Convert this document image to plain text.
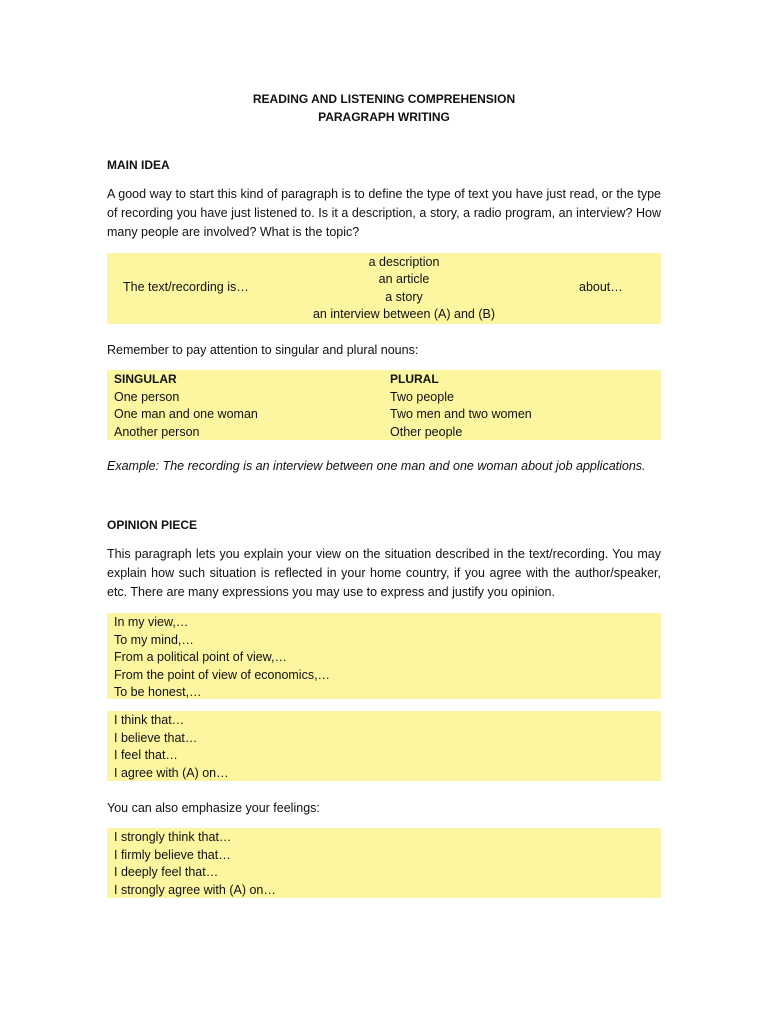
READING AND LISTENING COMPREHENSION
PARAGRAPH WRITING
MAIN IDEA
A good way to start this kind of paragraph is to define the type of text you have just read, or the type of recording you have just listened to. Is it a description, a story, a radio program, an interview? How many people are involved? What is the topic?
The text/recording is…
a description
an article
a story
an interview between (A) and (B)
about…
Remember to pay attention to singular and plural nouns:
SINGULAR
One person
One man and one woman
Another person
PLURAL
Two people
Two men and two women
Other people
Example: The recording is an interview between one man and one woman about job applications.
OPINION PIECE
This paragraph lets you explain your view on the situation described in the text/recording. You may explain how such situation is reflected in your home country, if you agree with the author/speaker, etc. There are many expressions you may use to express and justify you opinion.
In my view,…
To my mind,…
From a political point of view,…
From the point of view of economics,…
To be honest,…
I think that…
I believe that…
I feel that…
I agree with (A) on…
You can also emphasize your feelings:
I strongly think that…
I firmly believe that…
I deeply feel that…
I strongly agree with (A) on…
